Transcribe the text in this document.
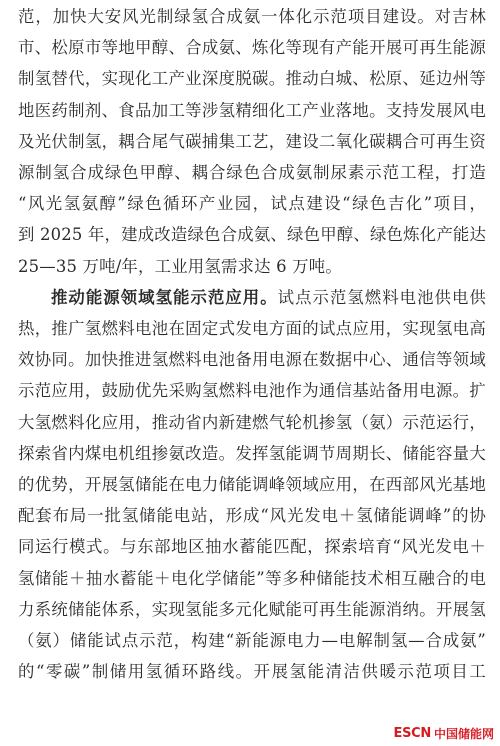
范，加快大安风光制绿氢合成氨一体化示范项目建设。对吉林
市、松原市等地甲醇、合成氨、炼化等现有产能开展可再生能源
制氢替代，实现化工产业深度脱碳。推动白城、松原、延边州等
地医药制剂、食品加工等涉氢精细化工产业落地。支持发展风电
及光伏制氢，耦合尾气碳捕集工艺，建设二氧化碳耦合可再生资
源制氢合成绿色甲醇、耦合绿色合成氨制尿素示范工程，打造
“风光氢氨醇”绿色循环产业园，试点建设“绿色吉化”项目，
到 2025 年，建成改造绿色合成氨、绿色甲醇、绿色炼化产能达
25—35 万吨/年，工业用氢需求达 6 万吨。
推动能源领域氢能示范应用。试点示范氢燃料电池供电供
热，推广氢燃料电池在固定式发电方面的试点应用，实现氢电高
效协同。加快推进氢燃料电池备用电源在数据中心、通信等领域
示范应用，鼓励优先采购氢燃料电池作为通信基站备用电源。扩
大氢燃料化应用，推动省内新建燃气轮机掺氢（氨）示范运行，
探索省内煤电机组掺氨改造。发挥氢能调节周期长、储能容量大
的优势，开展氢储能在电力储能调峰领域应用，在西部风光基地
配套布局一批氢储能电站，形成“风光发电＋氢储能调峰”的协
同运行模式。与东部地区抽水蓄能匹配，探索培育“风光发电＋
氢储能＋抽水蓄能＋电化学储能”等多种储能技术相互融合的电
力系统储能体系，实现氢能多元化赋能可再生能源消纳。开展氢
（氨）储能试点示范，构建“新能源电力—电解制氢—合成氨”
的“零碳”制储用氢循环路线。开展氢能清洁供暖示范项目工
ESCN 中国储能网
